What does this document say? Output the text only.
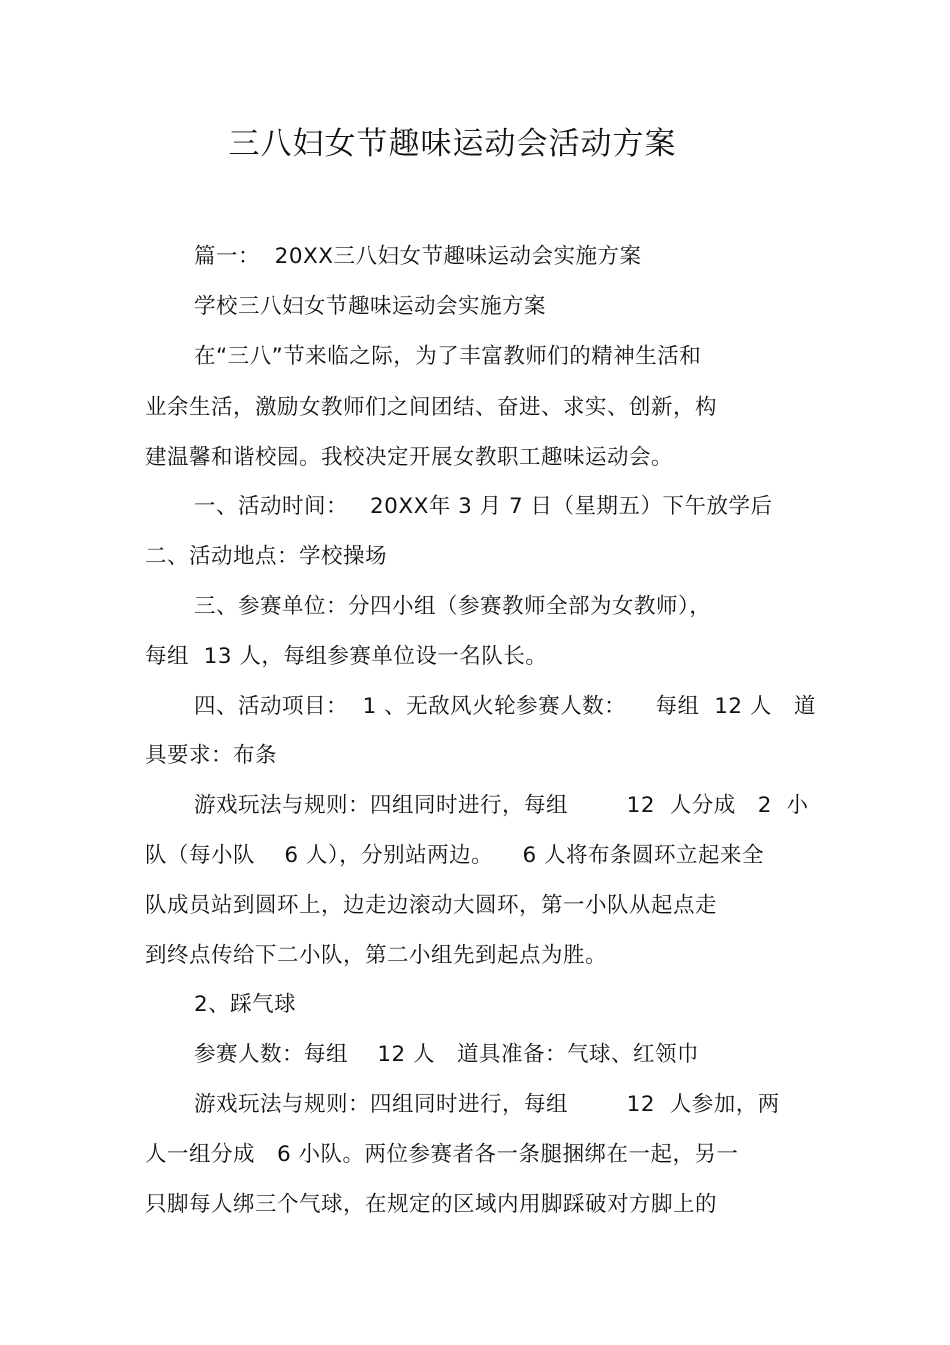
三八妇女节趣味运动会活动方案
篇一：  20XX三八妇女节趣味运动会实施方案
学校三八妇女节趣味运动会实施方案
在“三八”节来临之际，为了丰富教师们的精神生活和
业余生活，激励女教师们之间团结、奋进、求实、创新，构
建温馨和谐校园。我校决定开展女教职工趣味运动会。
一、活动时间：   20XX年 3 月 7 日（星期五）下午放学后
二、活动地点：学校操场
三、参赛单位：分四小组（参赛教师全部为女教师），
每组  13 人，每组参赛单位设一名队长。
四、活动项目：  1 、无敌风火轮参赛人数：    每组  12 人   道
具要求：布条
游戏玩法与规则：四组同时进行，每组        12  人分成   2  小
队（每小队    6 人），分别站两边。    6 人将布条圆环立起来全
队成员站到圆环上，边走边滚动大圆环，第一小队从起点走
到终点传给下二小队，第二小组先到起点为胜。
2、踩气球
参赛人数：每组    12 人   道具准备：气球、红领巾
游戏玩法与规则：四组同时进行，每组        12  人参加，两
人一组分成   6 小队。两位参赛者各一条腿捆绑在一起，另一
只脚每人绑三个气球，在规定的区域内用脚踩破对方脚上的
